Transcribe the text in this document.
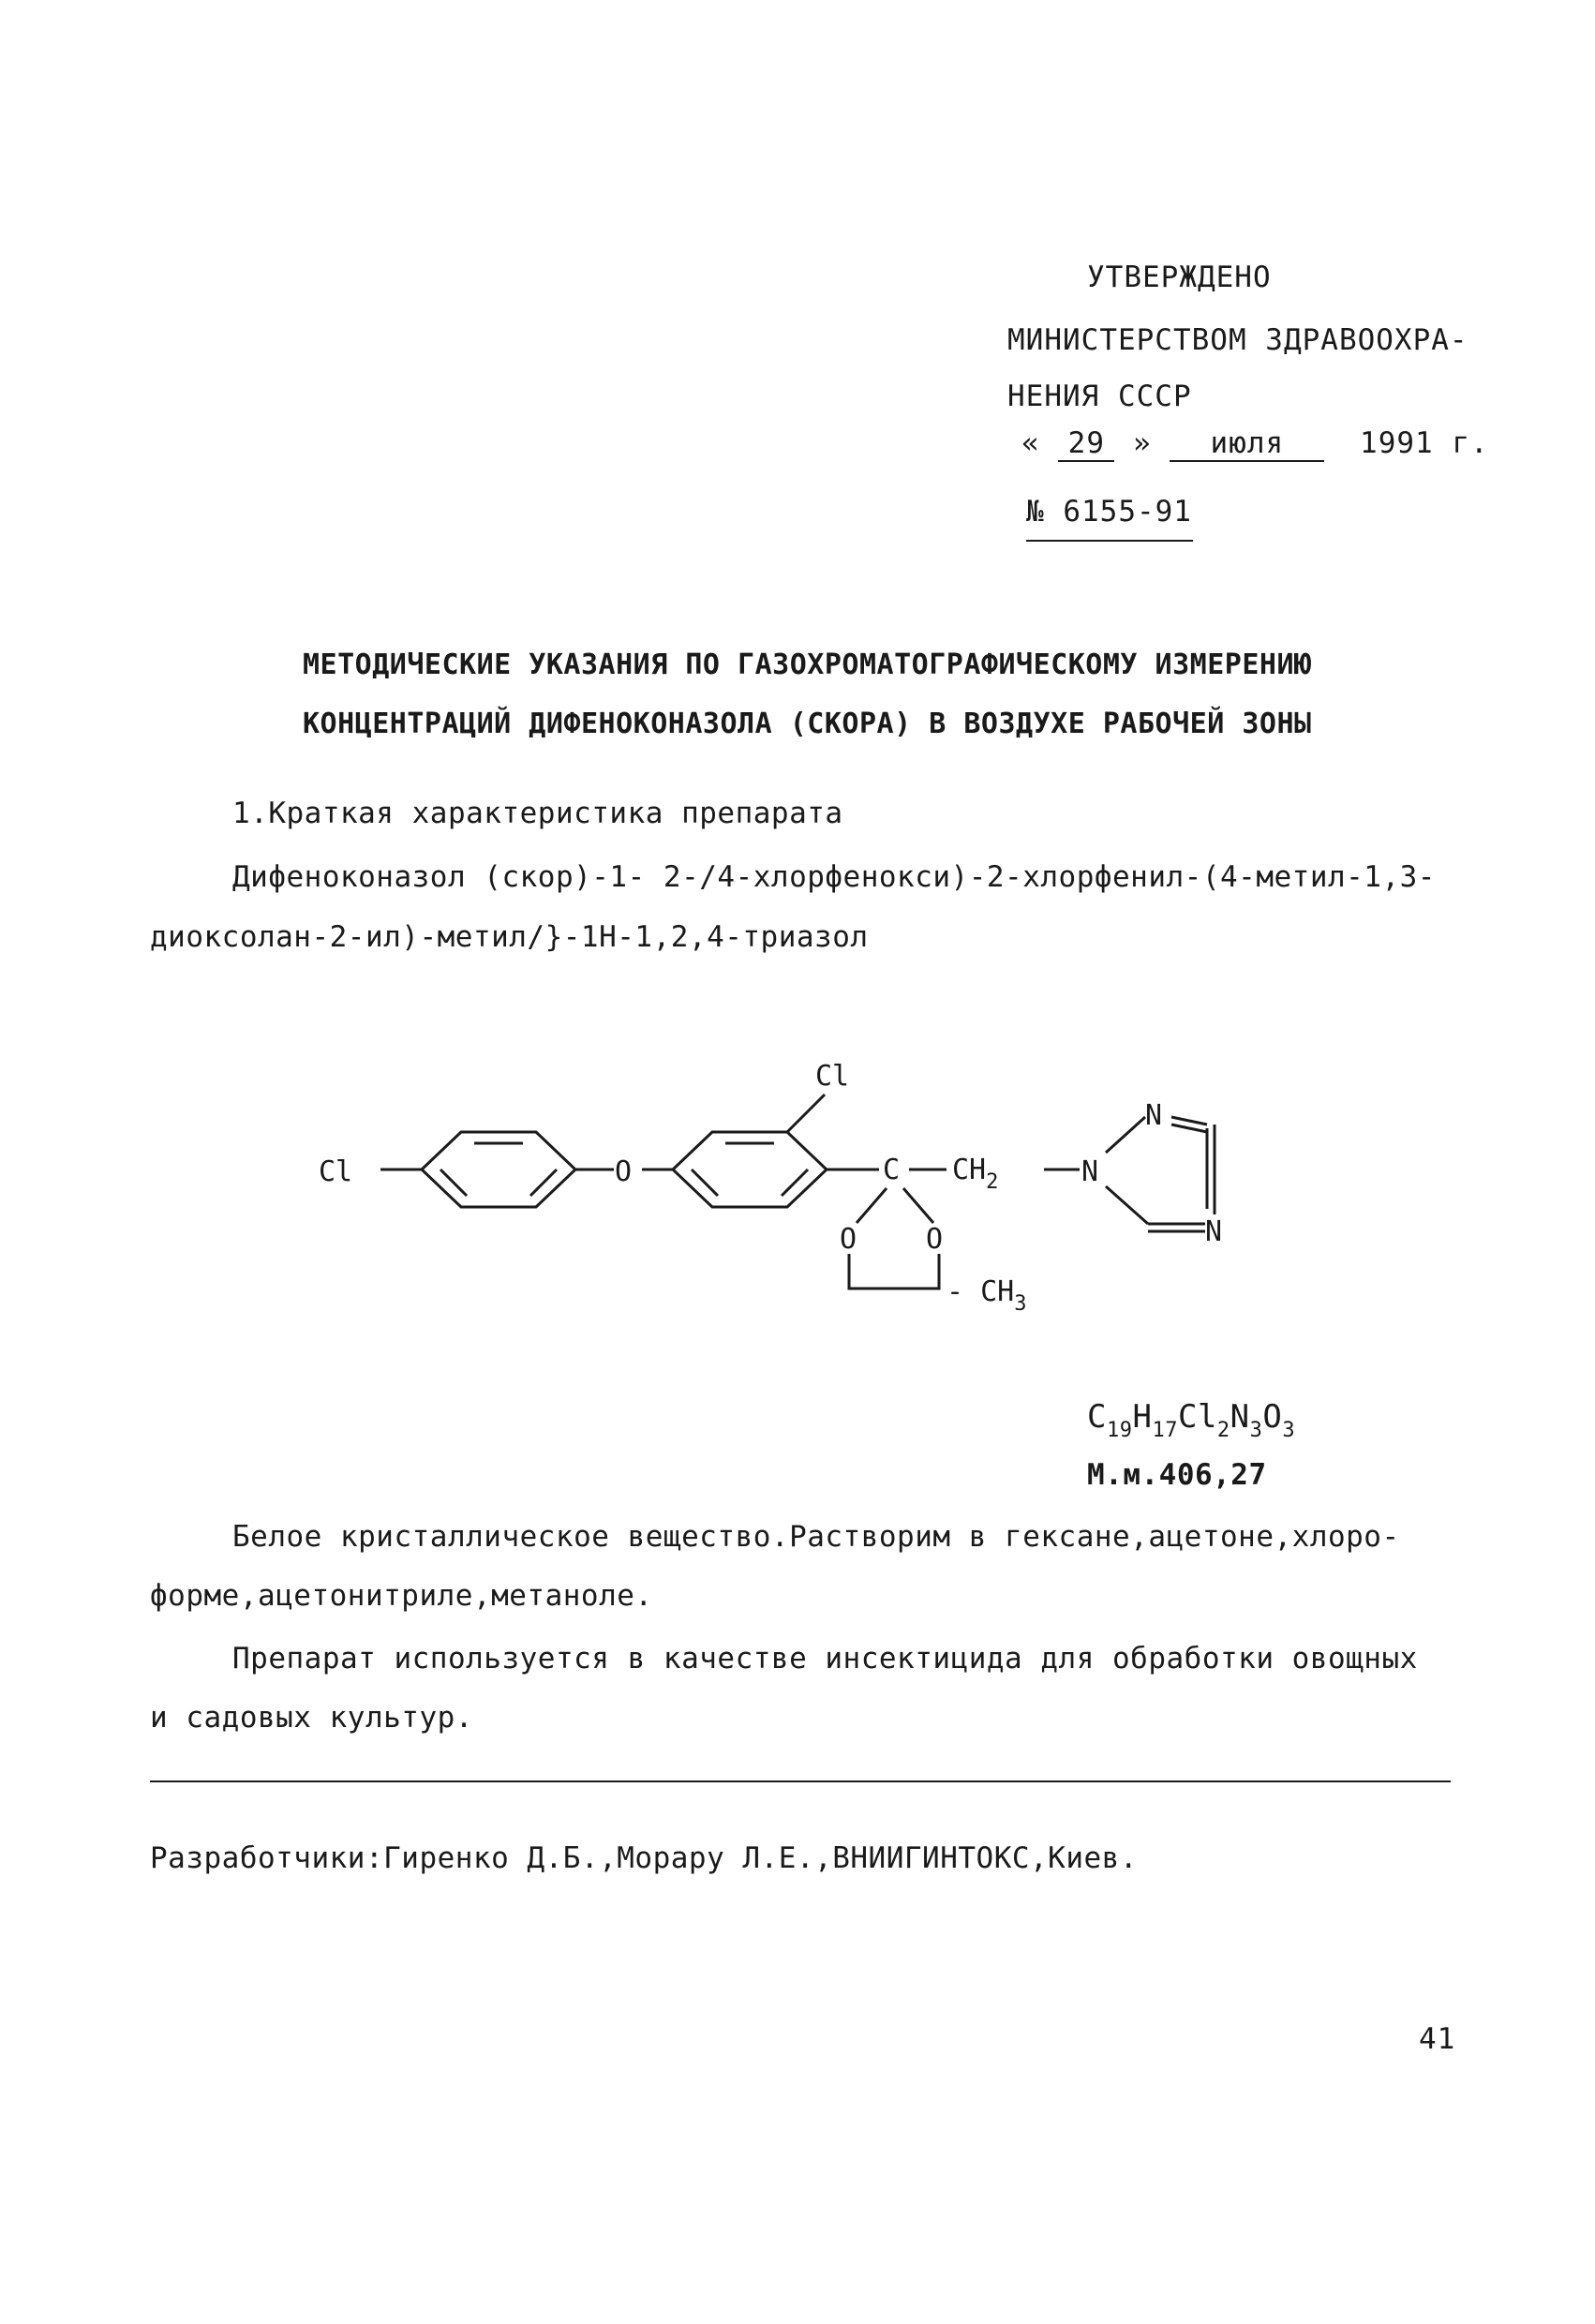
УТВЕРЖДЕНО
МИНИСТЕРСТВОМ ЗДРАВООХРА-
НЕНИЯ СССР
« 29 » июля	1991 г.
№ 6155-91
МЕТОДИЧЕСКИЕ УКАЗАНИЯ ПО ГАЗОХРОМАТОГРАФИЧЕСКОМУ ИЗМЕРЕНИЮ
КОНЦЕНТРАЦИЙ ДИФЕНОКОНАЗОЛА (СКОРА) В ВОЗДУХЕ РАБОЧЕЙ ЗОНЫ
1.Краткая характеристика препарата
Дифеноконазол (скор)-1- 2-/4-хлорфенокси)-2-хлорфенил-(4-метил-1,3-
диоксолан-2-ил)-метил/}-1Н-1,2,4-триазол
Cl	O
Cl
C $CH_2$	N
N
N
O O
- $CH_3$
$C_{19}H_{17}Cl_2N_3O_3$
М.м.406,27
Белое кристаллическое вещество.Растворим в гексане,ацетоне,хлоро-
форме,ацетонитриле,метаноле.
Препарат используется в качестве инсектицида для обработки овощных
и садовых культур.
Разработчики:Гиренко Д.Б.,Морару Л.Е.,ВНИИГИНТОКС,Киев.
41
